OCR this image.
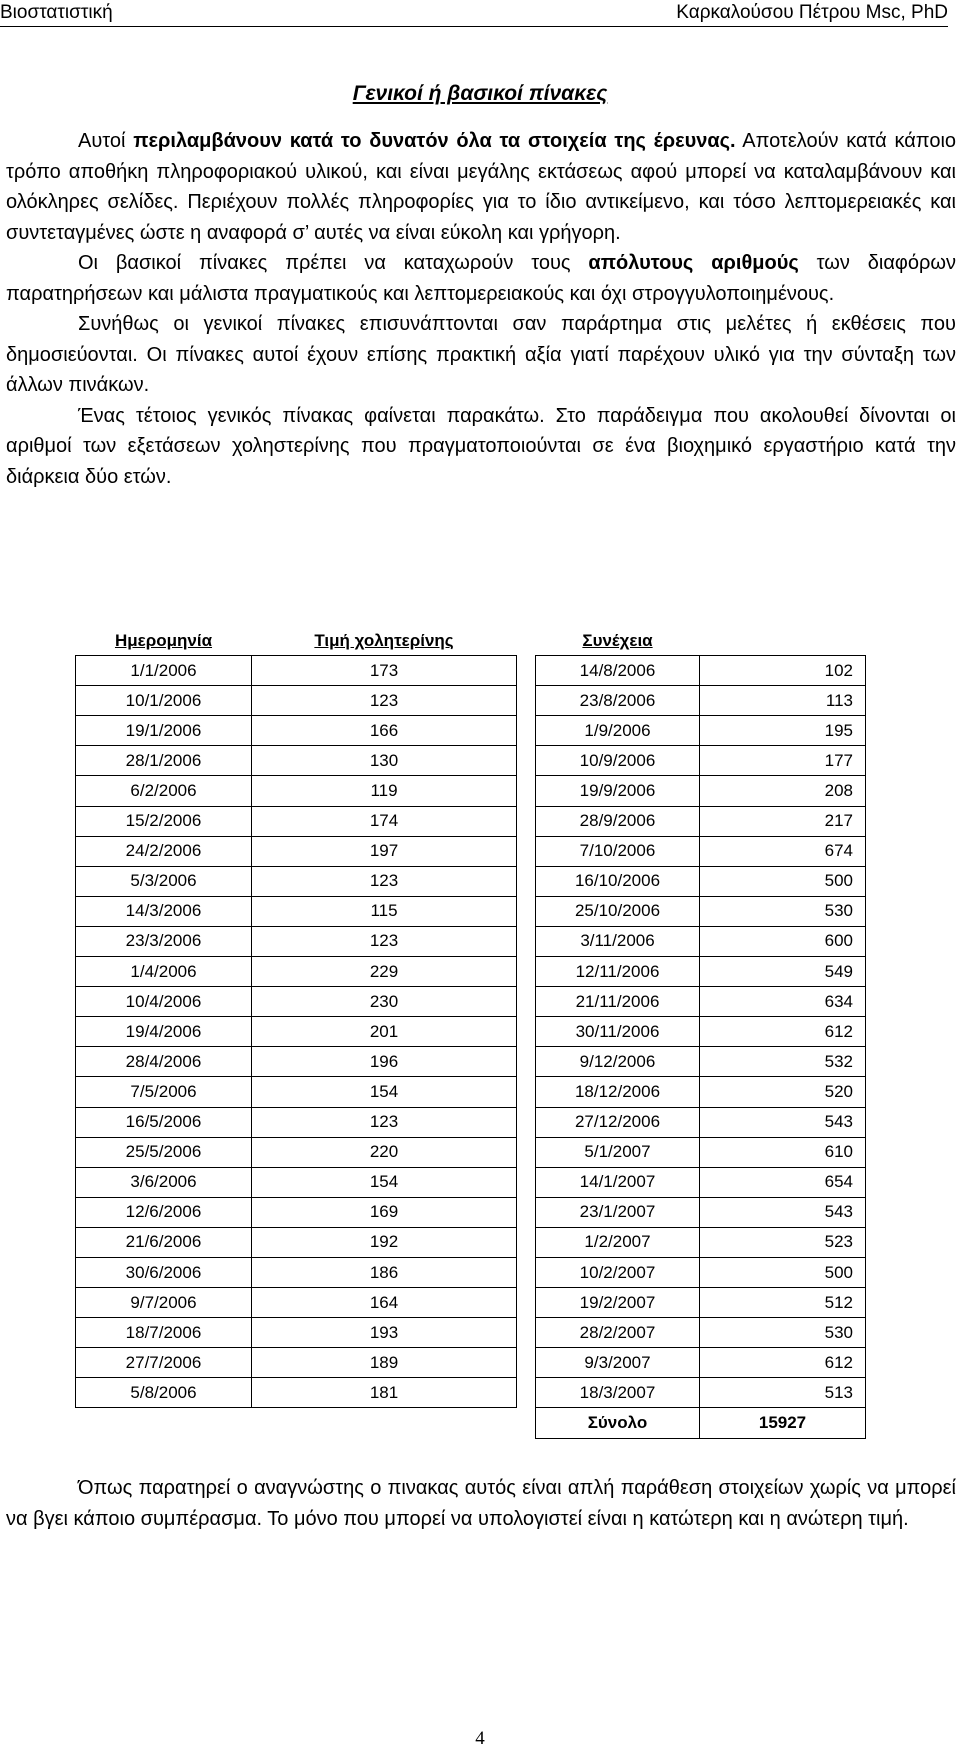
Βιοστατιστική	Καρκαλούσου Πέτρου Msc, PhD
Γενικοί ή βασικοί πίνακες

Αυτοί περιλαμβάνουν κατά το δυνατόν όλα τα στοιχεία της έρευνας. Αποτελούν κατά κάποιο τρόπο αποθήκη πληροφοριακού υλικού, και είναι μεγάλης εκτάσεως αφού μπορεί να καταλαμβάνουν και ολόκληρες σελίδες. Περιέχουν πολλές πληροφορίες για το ίδιο αντικείμενο, και τόσο λεπτομερειακές και συντεταγμένες ώστε η αναφορά σ’ αυτές να είναι εύκολη και γρήγορη.

Οι βασικοί πίνακες πρέπει να καταχωρούν τους απόλυτους αριθμούς των διαφόρων παρατηρήσεων και μάλιστα πραγματικούς και λεπτομερειακούς και όχι στρογγυλοποιημένους.

Συνήθως οι γενικοί πίνακες επισυνάπτονται σαν παράρτημα στις μελέτες ή εκθέσεις που δημοσιεύονται. Οι πίνακες αυτοί έχουν επίσης πρακτική αξία γιατί παρέχουν υλικό για την σύνταξη των άλλων πινάκων.

Ένας τέτοιος γενικός πίνακας φαίνεται παρακάτω. Στο παράδειγμα που ακολουθεί δίνονται οι αριθμοί των εξετάσεων χοληστερίνης που πραγματοποιούνται σε ένα βιοχημικό εργαστήριο κατά την διάρκεια δύο ετών.

Ημερομηνία	Τιμή χολητερίνης		Συνέχεια	
1/1/2006	173		14/8/2006	102
10/1/2006	123		23/8/2006	113
19/1/2006	166		1/9/2006	195
28/1/2006	130		10/9/2006	177
6/2/2006	119		19/9/2006	208
15/2/2006	174		28/9/2006	217
24/2/2006	197		7/10/2006	674
5/3/2006	123		16/10/2006	500
14/3/2006	115		25/10/2006	530
23/3/2006	123		3/11/2006	600
1/4/2006	229		12/11/2006	549
10/4/2006	230		21/11/2006	634
19/4/2006	201		30/11/2006	612
28/4/2006	196		9/12/2006	532
7/5/2006	154		18/12/2006	520
16/5/2006	123		27/12/2006	543
25/5/2006	220		5/1/2007	610
3/6/2006	154		14/1/2007	654
12/6/2006	169		23/1/2007	543
21/6/2006	192		1/2/2007	523
30/6/2006	186		10/2/2007	500
9/7/2006	164		19/2/2007	512
18/7/2006	193		28/2/2007	530
27/7/2006	189		9/3/2007	612
5/8/2006	181		18/3/2007	513
			Σύνολο	15927

Όπως παρατηρεί ο αναγνώστης ο πινακας αυτός είναι απλή παράθεση στοιχείων χωρίς να μπορεί να βγει κάποιο συμπέρασμα. Το μόνο που μπορεί να υπολογιστεί είναι η κατώτερη και η ανώτερη τιμή.

4
